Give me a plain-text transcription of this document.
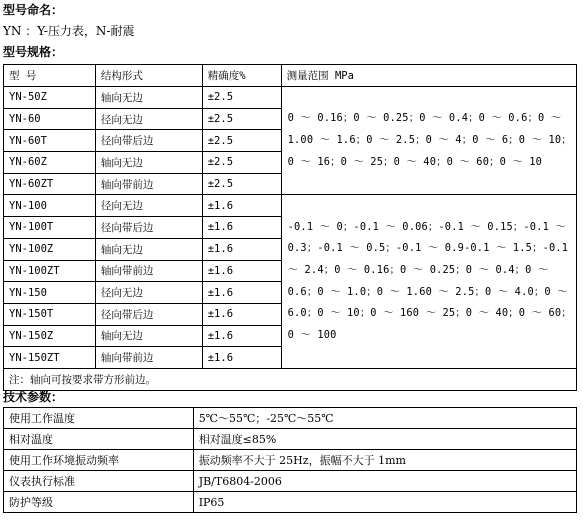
型号命名：
YN ：Y-压力表，N-耐震
型号规格：
型 号	结构形式	精确度%	测量范围 MPa
YN-50Z	轴向无边	±2.5	0 ～ 0.16；0 ～ 0.25；0 ～ 0.4；0 ～ 0.6；0 ～ 1.00 ～ 1.6；0 ～ 2.5；0 ～ 4；0 ～ 6；0 ～ 10； 0 ～ 16；0 ～ 25；0 ～ 40；0 ～ 60；0 ～ 10
YN-60	径向无边	±2.5	
YN-60T	径向带后边	±2.5	
YN-60Z	轴向无边	±2.5	
YN-60ZT	轴向带前边	±2.5	
YN-100	径向无边	±1.6	-0.1 ～ 0；-0.1 ～ 0.06；-0.1 ～ 0.15；-0.1 ～ 0.3；-0.1 ～ 0.5；-0.1 ～ 0.9-0.1 ～ 1.5；-0.1 ～ 2.4；0 ～ 0.16；0 ～ 0.25；0 ～ 0.4；0 ～ 0.6；0 ～ 1.0；0 ～ 1.60 ～ 2.5；0 ～ 4.0；0 ～ 6.0；0 ～ 10；0 ～ 160 ～ 25；0 ～ 40；0 ～ 60；0 ～ 100
YN-100T	径向带后边	±1.6	
YN-100Z	轴向无边	±1.6	
YN-100ZT	轴向带前边	±1.6	
YN-150	径向无边	±1.6	
YN-150T	径向带后边	±1.6	
YN-150Z	轴向无边	±1.6	
YN-150ZT	轴向带前边	±1.6	
注：轴向可按要求带方形前边。			
技术参数：
使用工作温度	5℃～55℃；-25℃～55℃
相对温度	相对温度≤85%
使用工作环境振动频率	振动频率不大于 25Hz，振幅不大于 1mm
仪表执行标准	JB/T6804-2006
防护等级	IP65
